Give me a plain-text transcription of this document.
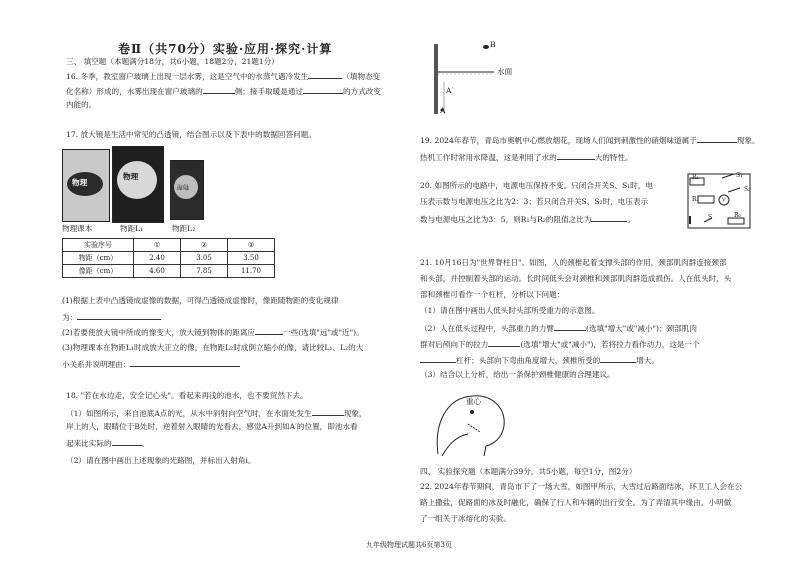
卷Ⅱ（共70分）实验·应用·探究·计算
三、 填空题（本题满分18分，共6小题，18题2分，21题1分）
16. 冬季，教室窗户玻璃上出现一层水雾，这是空气中的水蒸气遇冷发生	（填物态变
化名称）形成的，水雾出现在窗户玻璃的	侧；接手取暖是通过	的方式改变
内能的。
17. 放大镜是生活中常见的凸透镜，结合图示以及下表中的数据回答问题。
物理
物理
物理
物理课本	物距L₁	物距L₂
实验序号	①	②	③
物距（cm）	2.40	3.05	3.50
像距（cm）	4.60	7.85	11.70
(1)根据上表中凸透镜成虚像的数据，可得凸透镜成虚像时，像距随物距的变化规律
为：
(2)若要使放大镜中所成的像变大，放大镜到物体的距离应	一些(选填"远"或"近")。
(3)物理课本在物距L₁时成放大正立的像，在物距L₂时成倒立缩小的像，请比较L₁、L₂的大
小关系并说明理由：
18. "若在水边走，安全记心头"。看起来再浅的池水，也不要贸然下去。
（1）如图所示，来自池底A点的光，从水中斜射向空气时，在水面处发生	现象，
岸上的人，眼睛位于B处时，逆着射入眼睛的光看去，感觉A升到如A′的位置，即池水看
起来比实际的	。
（2）请在图中画出上述现象的光路图，并标出入射角i。
B
水面
A′
A
19. 2024年春节，青岛市奥帆中心燃放烟花，现场人们闻到刺激性的硝烟味道属于	现象。
热机工作时常用水降温，这是利用了水的	大的特性。
20. 如图所示的电路中，电源电压保持不变。只闭合开关S、S₁时，电
压表示数与电源电压之比为2：3；若只闭合开关S、S₂时，电压表示
数与电源电压之比为3：5，则R₁与R₂的阻值之比为	。
R₁
R₂
S₁
S₂
V
S	R₀
21. 10月16日为"世界脊柱日"。如图，人的颈椎起着支撑头部的作用，颈部肌肉群连接颈部
和头部，并控制着头部的运动。长时间低头会对颈椎和颈部肌肉群造成损伤。人在低头时，头
部和颈椎可看作一个杠杆，分析以下问题：
（1）请在图中画出人低头时头部所受重力的示意图。
（2）人在低头过程中，头部重力的力臂	(选填"增大"或"减小")；颈部肌肉
群对后颅向下的拉力	(选填"增大"或"减小")，若将拉力看作动力，这是一个
杠杆；头部向下弯曲角度增大，颈椎所受的	增大。
（3）结合以上分析，给出一条保护颈椎健康的合理建议。
重心
四、 实验探究题（本题满分39分，共5小题，每空1分，图2分）
22. 2024年春节期间，青岛市下了一场大雪，如图甲所示，大雪过后路面结冰，环卫工人会在公
路上撒盐，促路面的冰及时融化，确保了行人和车辆的出行安全。为了弄清其中缘由，小明做
了一组关于冰熔化的实验。
九年级物理试题共6页第3页
